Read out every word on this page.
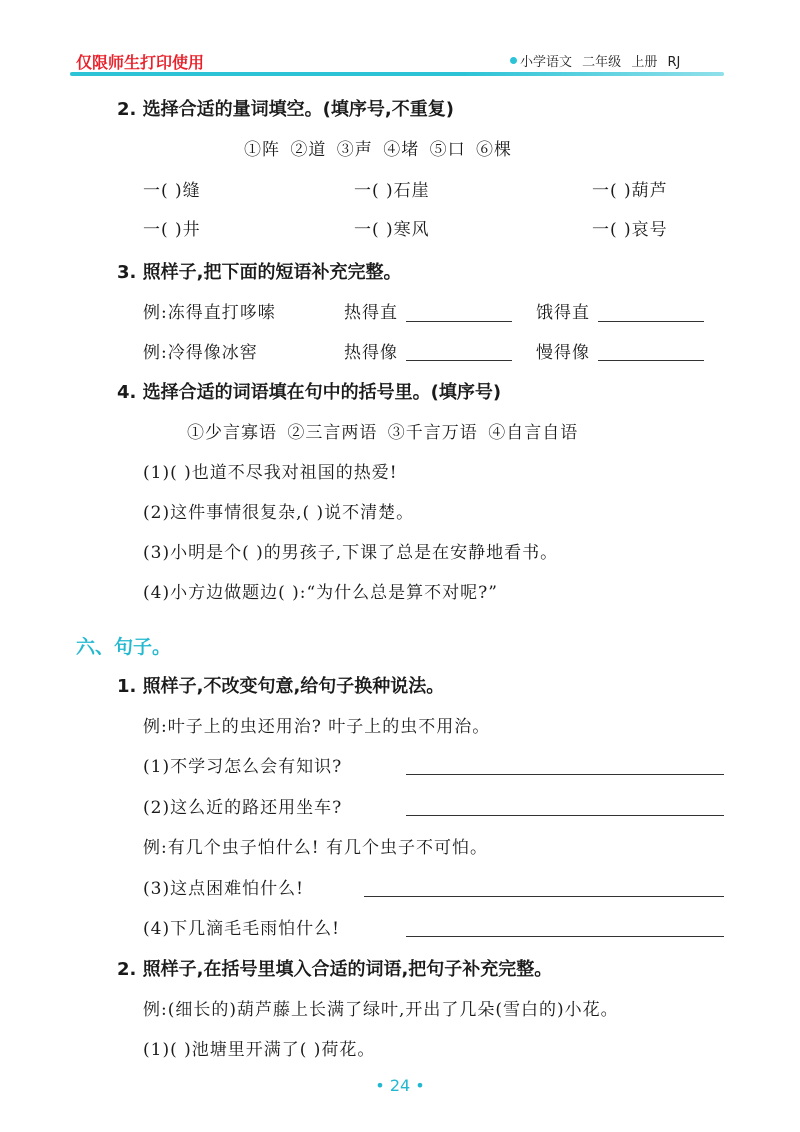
仅限师生打印使用	小学语文 二年级 上册 RJ
2. 选择合适的量词填空。(填序号,不重复)
①阵 ②道 ③声 ④堵 ⑤口 ⑥棵
一( )缝	一( )石崖	一( )葫芦
一( )井	一( )寒风	一( )哀号
3. 照样子,把下面的短语补充完整。
例:冻得直打哆嗦	热得直	饿得直
例:冷得像冰窖	热得像	慢得像
4. 选择合适的词语填在句中的括号里。(填序号)
①少言寡语 ②三言两语 ③千言万语 ④自言自语
(1)( )也道不尽我对祖国的热爱!
(2)这件事情很复杂,( )说不清楚。
(3)小明是个( )的男孩子,下课了总是在安静地看书。
(4)小方边做题边( ):“为什么总是算不对呢?”
六、句子。
1. 照样子,不改变句意,给句子换种说法。
例:叶子上的虫还用治? 叶子上的虫不用治。
(1)不学习怎么会有知识?
(2)这么近的路还用坐车?
例:有几个虫子怕什么! 有几个虫子不可怕。
(3)这点困难怕什么!
(4)下几滴毛毛雨怕什么!
2. 照样子,在括号里填入合适的词语,把句子补充完整。
例:(细长的)葫芦藤上长满了绿叶,开出了几朵(雪白的)小花。
(1)( )池塘里开满了( )荷花。
• 24 •
